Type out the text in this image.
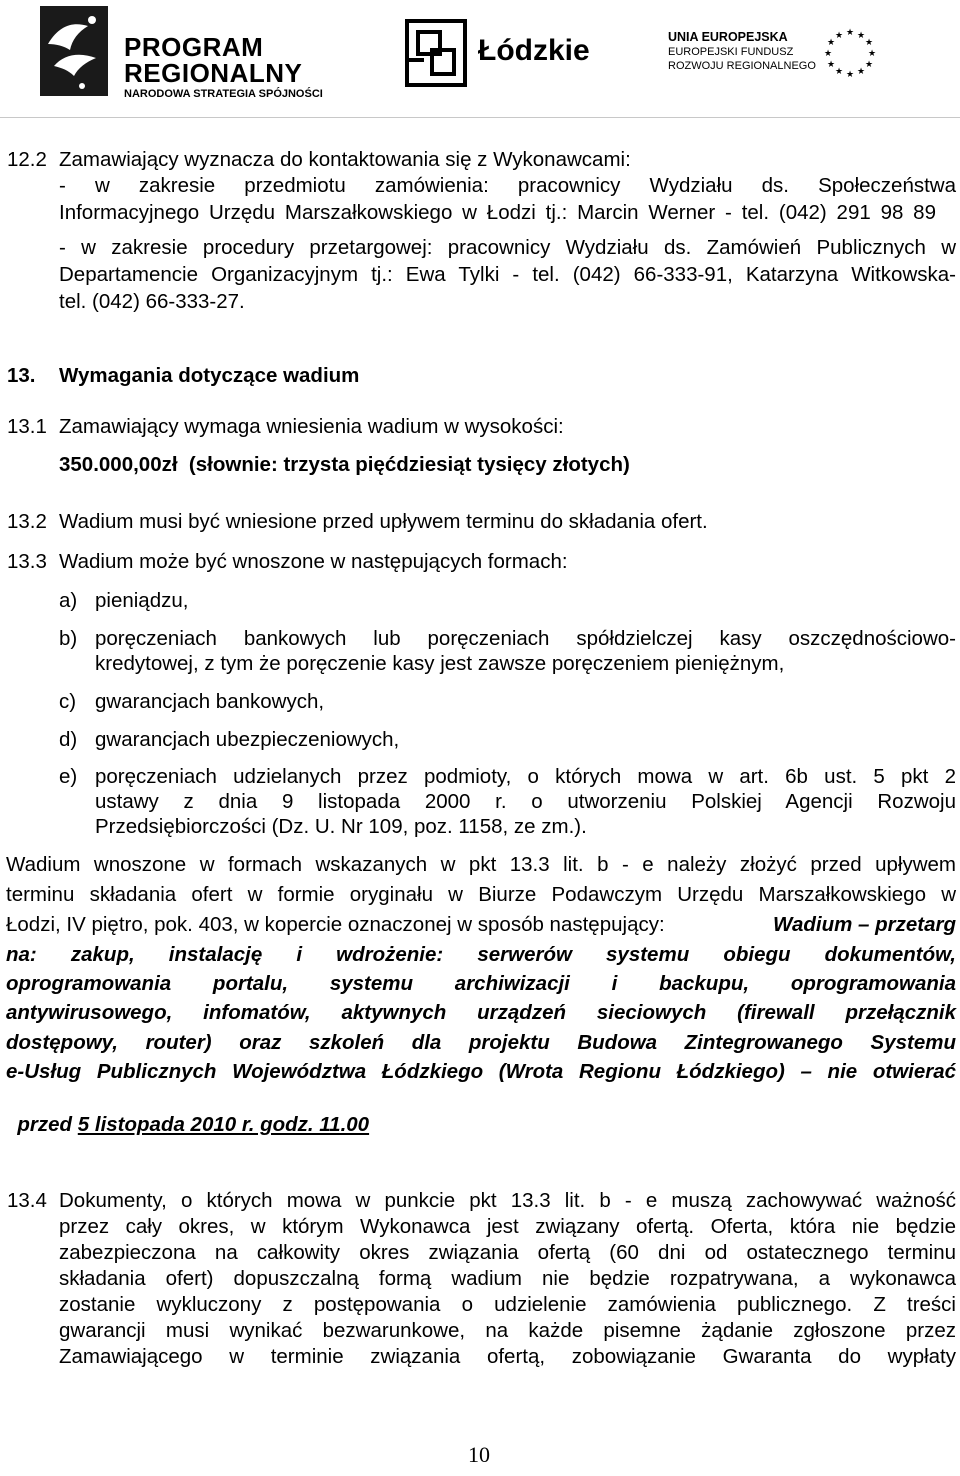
PROGRAM
REGIONALNY
NARODOWA STRATEGIA SPÓJNOŚCI
Łódzkie	UNIA EUROPEJSKA
EUROPEJSKI FUNDUSZ
ROZWOJU REGIONALNEGO
★ ★
★
★
★
★
★
★
★
★
★
★
12.2 Zamawiający wyznacza do kontaktowania się z Wykonawcami:
- w zakresie przedmiotu zamówienia: pracownicy Wydziału ds. Społeczeństwa
Informacyjnego Urzędu Marszałkowskiego w Łodzi tj.: Marcin Werner - tel. (042) 291 98 89
- w zakresie procedury przetargowej: pracownicy Wydziału ds. Zamówień Publicznych w
Departamencie Organizacyjnym tj.: Ewa Tylki - tel. (042) 66-333-91, Katarzyna Witkowska-
tel. (042) 66-333-27.
13. Wymagania dotyczące wadium
13.1 Zamawiający wymaga wniesienia wadium w wysokości:
350.000,00zł  (słownie: trzysta pięćdziesiąt tysięcy złotych)
13.2 Wadium musi być wniesione przed upływem terminu do składania ofert.
13.3 Wadium może być wnoszone w następujących formach:
a) pieniądzu,
b) poręczeniach bankowych lub poręczeniach spółdzielczej kasy oszczędnościowo-
kredytowej, z tym że poręczenie kasy jest zawsze poręczeniem pieniężnym,
c) gwarancjach bankowych,
d) gwarancjach ubezpieczeniowych,
e) poręczeniach udzielanych przez podmioty, o których mowa w art. 6b ust. 5 pkt 2
ustawy z dnia 9 listopada 2000 r. o utworzeniu Polskiej Agencji Rozwoju
Przedsiębiorczości (Dz. U. Nr 109, poz. 1158, ze zm.).
Wadium wnoszone w formach wskazanych w pkt 13.3 lit. b - e należy złożyć przed upływem
terminu składania ofert w formie oryginału w Biurze Podawczym Urzędu Marszałkowskiego w
Łodzi, IV piętro, pok. 403, w kopercie oznaczonej w sposób następujący:	Wadium – przetarg
na: zakup, instalację i wdrożenie: serwerów systemu obiegu dokumentów,
oprogramowania portalu, systemu archiwizacji i backupu, oprogramowania
antywirusowego, infomatów, aktywnych urządzeń sieciowych (firewall przełącznik
dostępowy, router) oraz szkoleń dla projektu Budowa Zintegrowanego Systemu
e-Usług Publicznych Województwa Łódzkiego (Wrota Regionu Łódzkiego) – nie otwierać

przed 5 listopada 2010 r. godz. 11.00

13.4 Dokumenty, o których mowa w punkcie pkt 13.3 lit. b - e muszą zachowywać ważność
przez cały okres, w którym Wykonawca jest związany ofertą. Oferta, która nie będzie
zabezpieczona na całkowity okres związania ofertą (60 dni od ostatecznego terminu
składania ofert) dopuszczalną formą wadium nie będzie rozpatrywana, a wykonawca
zostanie wykluczony z postępowania o udzielenie zamówienia publicznego. Z treści
gwarancji musi wynikać bezwarunkowe, na każde pisemne żądanie zgłoszone przez
Zamawiającego w terminie związania ofertą, zobowiązanie Gwaranta do wypłaty
10
